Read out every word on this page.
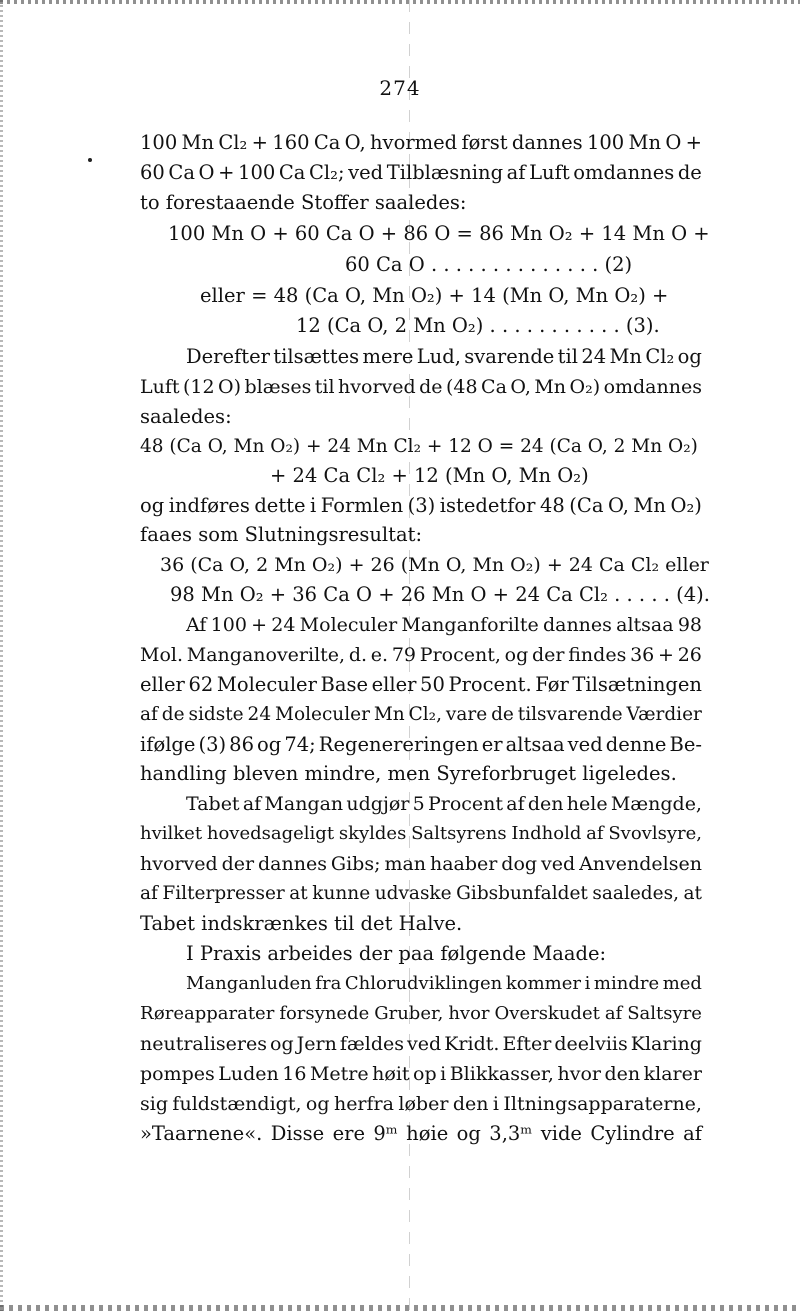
274
100 Mn Cl₂ + 160 Ca O, hvormed først dannes 100 Mn O +
60 Ca O + 100 Ca Cl₂; ved Tilblæsning af Luft omdannes de
to forestaaende Stoffer saaledes:
100 Mn O + 60 Ca O + 86 O = 86 Mn O₂ + 14 Mn O +
60 Ca O . . . . . . . . . . . . . . (2)
eller = 48 (Ca O, Mn O₂) + 14 (Mn O, Mn O₂) +
12 (Ca O, 2 Mn O₂) . . . . . . . . . . . (3).
Derefter tilsættes mere Lud, svarende til 24 Mn Cl₂ og
Luft (12 O) blæses til hvorved de (48 Ca O, Mn O₂) omdannes
saaledes:
48 (Ca O, Mn O₂) + 24 Mn Cl₂ + 12 O = 24 (Ca O, 2 Mn O₂)
+ 24 Ca Cl₂ + 12 (Mn O, Mn O₂)
og indføres dette i Formlen (3) istedetfor 48 (Ca O, Mn O₂)
faaes som Slutningsresultat:
36 (Ca O, 2 Mn O₂) + 26 (Mn O, Mn O₂) + 24 Ca Cl₂ eller
98 Mn O₂ + 36 Ca O + 26 Mn O + 24 Ca Cl₂ . . . . . (4).
Af 100 + 24 Moleculer Manganforilte dannes altsaa 98
Mol. Manganoverilte, d. e. 79 Procent, og der findes 36 + 26
eller 62 Moleculer Base eller 50 Procent. Før Tilsætningen
af de sidste 24 Moleculer Mn Cl₂, vare de tilsvarende Værdier
ifølge (3) 86 og 74; Regenereringen er altsaa ved denne Be-
handling bleven mindre, men Syreforbruget ligeledes.
Tabet af Mangan udgjør 5 Procent af den hele Mængde,
hvilket hovedsageligt skyldes Saltsyrens Indhold af Svovlsyre,
hvorved der dannes Gibs; man haaber dog ved Anvendelsen
af Filterpresser at kunne udvaske Gibsbunfaldet saaledes, at
Tabet indskrænkes til det Halve.
I Praxis arbeides der paa følgende Maade:
Manganluden fra Chlorudviklingen kommer i mindre med
Røreapparater forsynede Gruber, hvor Overskudet af Saltsyre
neutraliseres og Jern fældes ved Kridt. Efter deelviis Klaring
pompes Luden 16 Metre høit op i Blikkasser, hvor den klarer
sig fuldstændigt, og herfra løber den i Iltningsapparaterne,
»Taarnene«. Disse ere 9ᵐ høie og 3,3ᵐ vide Cylindre af
